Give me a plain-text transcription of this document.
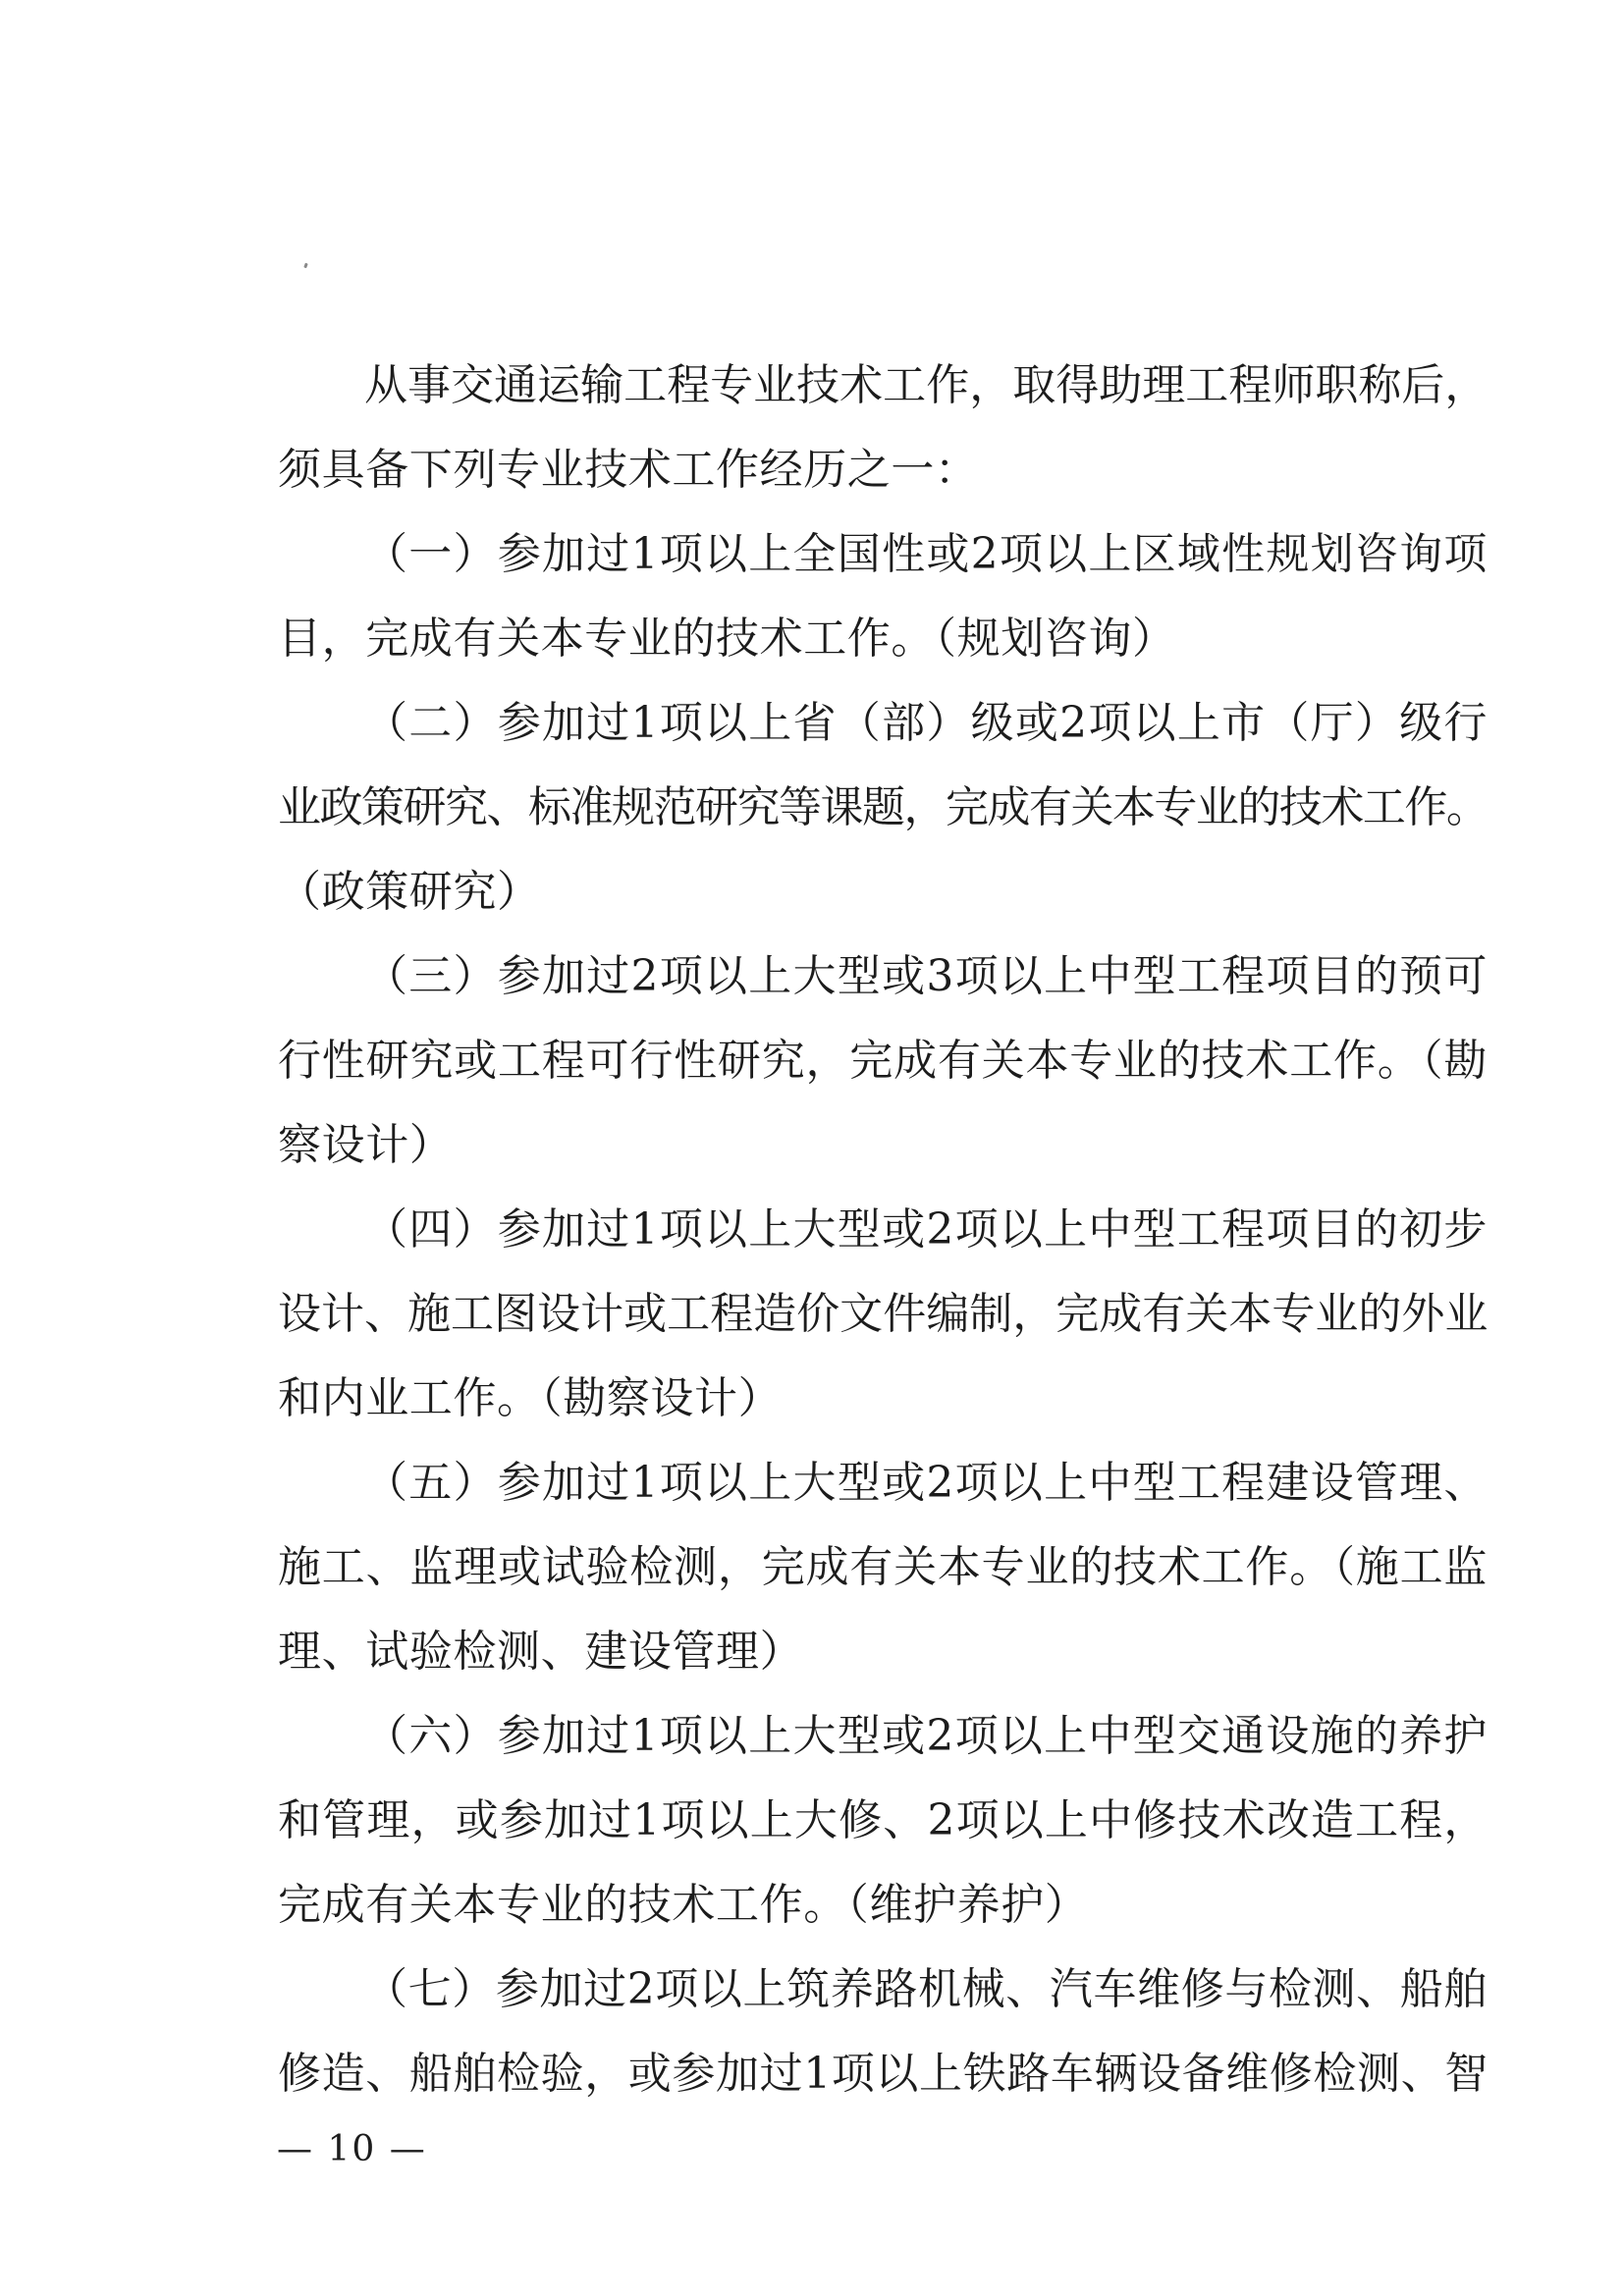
从事交通运输工程专业技术工作，取得助理工程师职称后，
须具备下列专业技术工作经历之一：
（一）参加过1项以上全国性或2项以上区域性规划咨询项
目，完成有关本专业的技术工作。（规划咨询）
（二）参加过1项以上省（部）级或2项以上市（厅）级行
业政策研究、标准规范研究等课题，完成有关本专业的技术工作。
（政策研究）
（三）参加过2项以上大型或3项以上中型工程项目的预可
行性研究或工程可行性研究，完成有关本专业的技术工作。（勘
察设计）
（四）参加过1项以上大型或2项以上中型工程项目的初步
设计、施工图设计或工程造价文件编制，完成有关本专业的外业
和内业工作。（勘察设计）
（五）参加过1项以上大型或2项以上中型工程建设管理、
施工、监理或试验检测，完成有关本专业的技术工作。（施工监
理、试验检测、建设管理）
（六）参加过1项以上大型或2项以上中型交通设施的养护
和管理，或参加过1项以上大修、2项以上中修技术改造工程，
完成有关本专业的技术工作。（维护养护）
（七）参加过2项以上筑养路机械、汽车维修与检测、船舶
修造、船舶检验，或参加过1项以上铁路车辆设备维修检测、智
— 10 —
